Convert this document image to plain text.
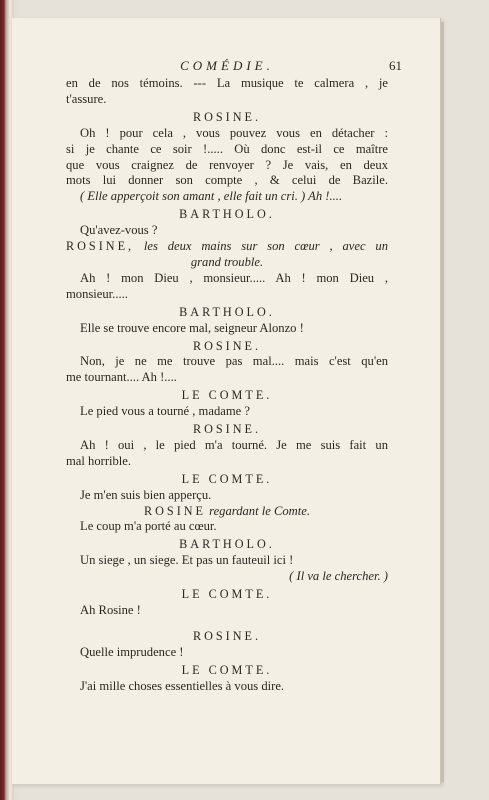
COMÉDIE.	61
en de nos témoins. --- La musique te calmera , je
t'assure.
ROSINE.
Oh ! pour cela , vous pouvez vous en détacher :
si je chante ce soir !..... Où donc est-il ce maître
que vous craignez de renvoyer ? Je vais, en deux
mots lui donner son compte , & celui de Bazile.
( Elle apperçoit son amant , elle fait un cri. ) Ah !....
BARTHOLO.
Qu'avez-vous ?
ROSINE, les deux mains sur son cœur , avec un
grand trouble.
Ah ! mon Dieu , monsieur..... Ah ! mon Dieu ,
monsieur.....
BARTHOLO.
Elle se trouve encore mal, seigneur Alonzo !
ROSINE.
Non, je ne me trouve pas mal.... mais c'est qu'en
me tournant.... Ah !....
LE COMTE.
Le pied vous a tourné , madame ?
ROSINE.
Ah ! oui , le pied m'a tourné. Je me suis fait un
mal horrible.
LE COMTE.
Je m'en suis bien apperçu.
ROSINE regardant le Comte.
Le coup m'a porté au cœur.
BARTHOLO.
Un siege , un siege. Et pas un fauteuil ici !
( Il va le chercher. )
LE COMTE.
Ah Rosine !
ROSINE.
Quelle imprudence !
LE COMTE.
J'ai mille choses essentielles à vous dire.
